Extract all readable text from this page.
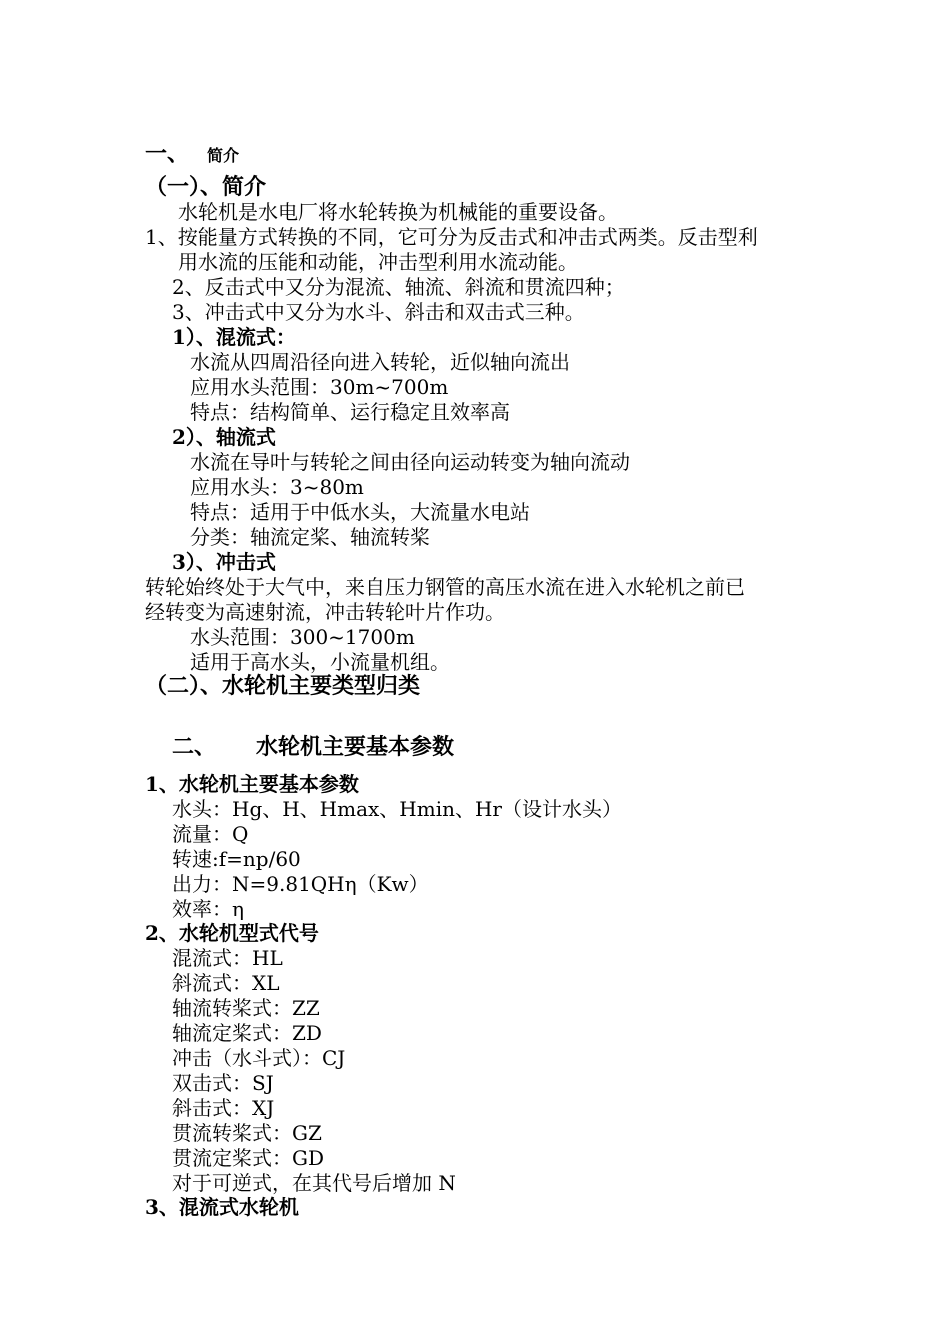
一、 简介
（一）、简介
水轮机是水电厂将水轮转换为机械能的重要设备。
1、按能量方式转换的不同，它可分为反击式和冲击式两类。反击型利
用水流的压能和动能，冲击型利用水流动能。
2、反击式中又分为混流、轴流、斜流和贯流四种；
3、冲击式中又分为水斗、斜击和双击式三种。
1）、混流式：
水流从四周沿径向进入转轮，近似轴向流出
应用水头范围：30m~700m
特点：结构简单、运行稳定且效率高
2）、轴流式
水流在导叶与转轮之间由径向运动转变为轴向流动
应用水头：3~80m
特点：适用于中低水头，大流量水电站
分类：轴流定桨、轴流转桨
3）、冲击式
转轮始终处于大气中，来自压力钢管的高压水流在进入水轮机之前已
经转变为高速射流，冲击转轮叶片作功。
水头范围：300~1700m
适用于高水头，小流量机组。
（二）、水轮机主要类型归类
二、 水轮机主要基本参数
1、水轮机主要基本参数
水头：Hg、H、Hmax、Hmin、Hr（设计水头）
流量：Q
转速:f=np/60
出力：N=9.81QHη（Kw）
效率：η
2、水轮机型式代号
混流式：HL
斜流式：XL
轴流转桨式：ZZ
轴流定桨式：ZD
冲击（水斗式）：CJ
双击式：SJ
斜击式：XJ
贯流转桨式：GZ
贯流定桨式：GD
对于可逆式，在其代号后增加 N
3、混流式水轮机
